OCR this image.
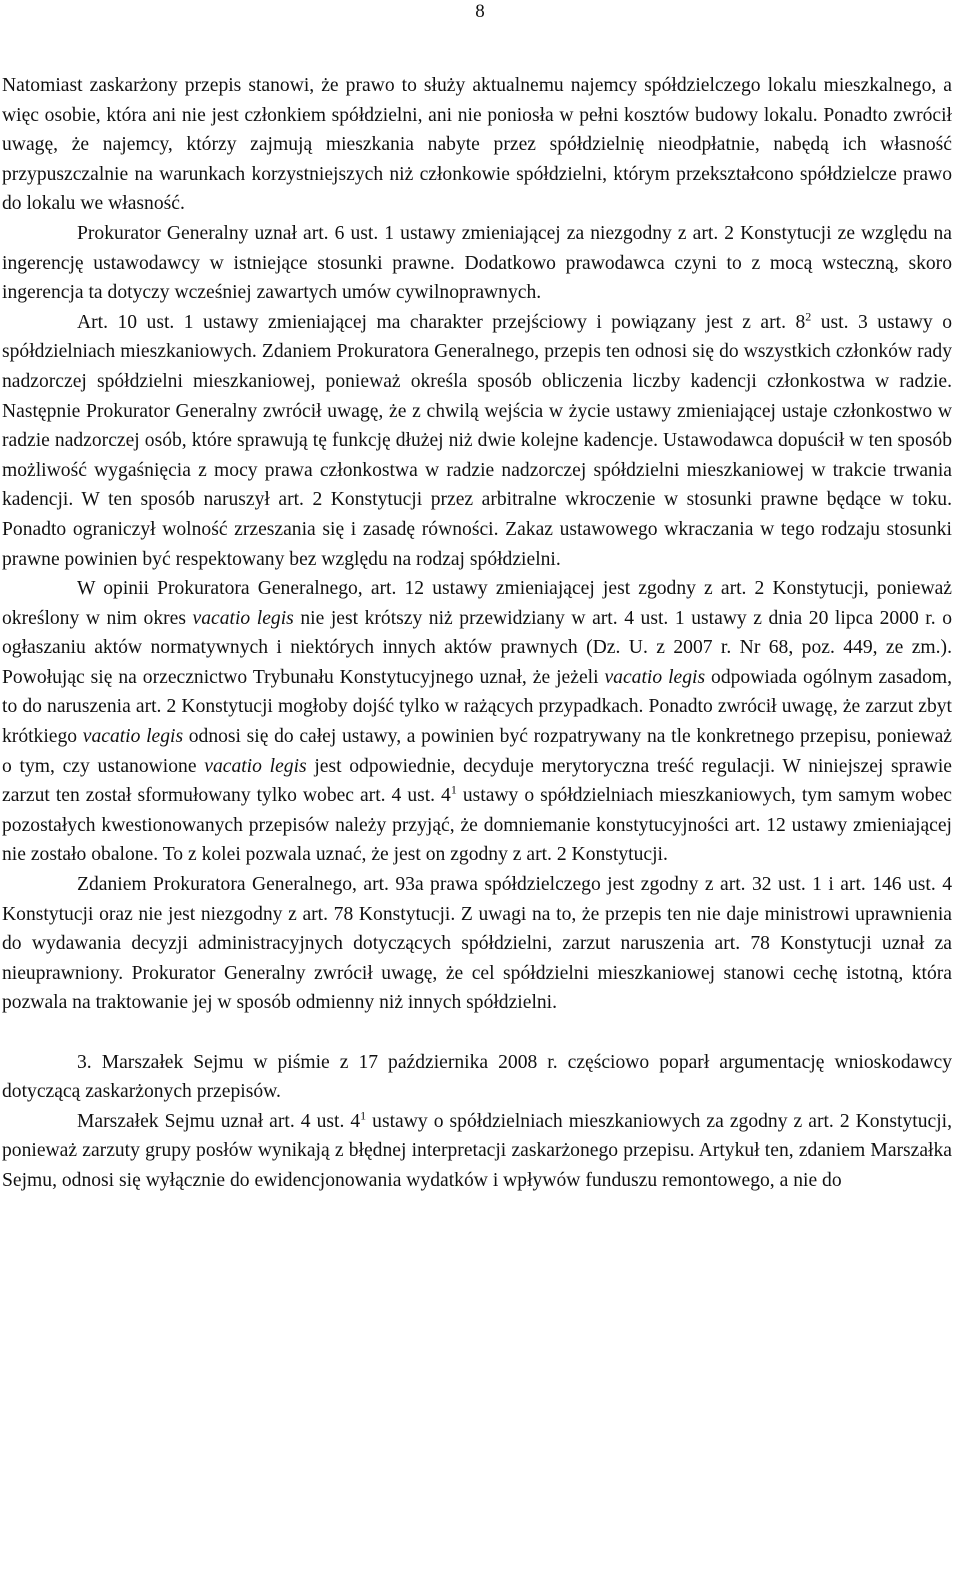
8

Natomiast zaskarżony przepis stanowi, że prawo to służy aktualnemu najemcy spółdzielczego lokalu mieszkalnego, a więc osobie, która ani nie jest członkiem spółdzielni, ani nie poniosła w pełni kosztów budowy lokalu. Ponadto zwrócił uwagę, że najemcy, którzy zajmują mieszkania nabyte przez spółdzielnię nieodpłatnie, nabędą ich własność przypuszczalnie na warunkach korzystniejszych niż członkowie spółdzielni, którym przekształcono spółdzielcze prawo do lokalu we własność.

Prokurator Generalny uznał art. 6 ust. 1 ustawy zmieniającej za niezgodny z art. 2 Konstytucji ze względu na ingerencję ustawodawcy w istniejące stosunki prawne. Dodatkowo prawodawca czyni to z mocą wsteczną, skoro ingerencja ta dotyczy wcześniej zawartych umów cywilnoprawnych.

Art. 10 ust. 1 ustawy zmieniającej ma charakter przejściowy i powiązany jest z art. $8^2$ ust. 3 ustawy o spółdzielniach mieszkaniowych. Zdaniem Prokuratora Generalnego, przepis ten odnosi się do wszystkich członków rady nadzorczej spółdzielni mieszkaniowej, ponieważ określa sposób obliczenia liczby kadencji członkostwa w radzie. Następnie Prokurator Generalny zwrócił uwagę, że z chwilą wejścia w życie ustawy zmieniającej ustaje członkostwo w radzie nadzorczej osób, które sprawują tę funkcję dłużej niż dwie kolejne kadencje. Ustawodawca dopuścił w ten sposób możliwość wygaśnięcia z mocy prawa członkostwa w radzie nadzorczej spółdzielni mieszkaniowej w trakcie trwania kadencji. W ten sposób naruszył art. 2 Konstytucji przez arbitralne wkroczenie w stosunki prawne będące w toku. Ponadto ograniczył wolność zrzeszania się i zasadę równości. Zakaz ustawowego wkraczania w tego rodzaju stosunki prawne powinien być respektowany bez względu na rodzaj spółdzielni.

W opinii Prokuratora Generalnego, art. 12 ustawy zmieniającej jest zgodny z art. 2 Konstytucji, ponieważ określony w nim okres vacatio legis nie jest krótszy niż przewidziany w art. 4 ust. 1 ustawy z dnia 20 lipca 2000 r. o ogłaszaniu aktów normatywnych i niektórych innych aktów prawnych (Dz. U. z 2007 r. Nr 68, poz. 449, ze zm.). Powołując się na orzecznictwo Trybunału Konstytucyjnego uznał, że jeżeli vacatio legis odpowiada ogólnym zasadom, to do naruszenia art. 2 Konstytucji mogłoby dojść tylko w rażących przypadkach. Ponadto zwrócił uwagę, że zarzut zbyt krótkiego vacatio legis odnosi się do całej ustawy, a powinien być rozpatrywany na tle konkretnego przepisu, ponieważ o tym, czy ustanowione vacatio legis jest odpowiednie, decyduje merytoryczna treść regulacji. W niniejszej sprawie zarzut ten został sformułowany tylko wobec art. 4 ust. $4^1$ ustawy o spółdzielniach mieszkaniowych, tym samym wobec pozostałych kwestionowanych przepisów należy przyjąć, że domniemanie konstytucyjności art. 12 ustawy zmieniającej nie zostało obalone. To z kolei pozwala uznać, że jest on zgodny z art. 2 Konstytucji.

Zdaniem Prokuratora Generalnego, art. 93a prawa spółdzielczego jest zgodny z art. 32 ust. 1 i art. 146 ust. 4 Konstytucji oraz nie jest niezgodny z art. 78 Konstytucji. Z uwagi na to, że przepis ten nie daje ministrowi uprawnienia do wydawania decyzji administracyjnych dotyczących spółdzielni, zarzut naruszenia art. 78 Konstytucji uznał za nieuprawniony. Prokurator Generalny zwrócił uwagę, że cel spółdzielni mieszkaniowej stanowi cechę istotną, która pozwala na traktowanie jej w sposób odmienny niż innych spółdzielni.

3. Marszałek Sejmu w piśmie z 17 października 2008 r. częściowo poparł argumentację wnioskodawcy dotyczącą zaskarżonych przepisów.

Marszałek Sejmu uznał art. 4 ust. $4^1$ ustawy o spółdzielniach mieszkaniowych za zgodny z art. 2 Konstytucji, ponieważ zarzuty grupy posłów wynikają z błędnej interpretacji zaskarżonego przepisu. Artykuł ten, zdaniem Marszałka Sejmu, odnosi się wyłącznie do ewidencjonowania wydatków i wpływów funduszu remontowego, a nie do
